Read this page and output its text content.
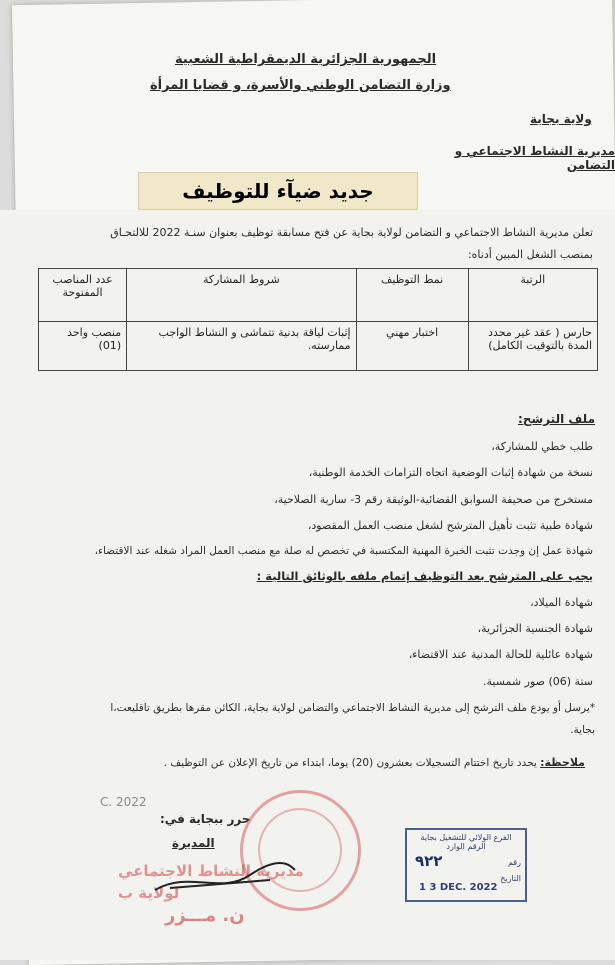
الجمهورية الجزائرية الديمقراطية الشعبية
وزارة التضامن الوطني والأسرة، و قضايا المرأة
ولاية بجاية
مديرية النشاط الاجتماعي و التضامن
جديد ضيآء للتوظيف
تعلن مديرية النشاط الاجتماعي و التضامن لولاية بجاية عن فتح مسابقة توظيف بعنوان سنـة 2022 للالتحـاق
بمنصب الشغل المبين أدناه:
الرتبة	نمط التوظيف	شروط المشاركة	عدد المناصب المفتوحة
حارس ( عقد غير محدد المدة بالتوقيت الكامل)	اختبار مهني	إثبات لياقة بدنية تتماشى و النشاط الواجب ممارسته.	منصب واحد (01)
ملف الترشح:
طلب خطي للمشاركة،
نسخة من شهادة إثبات الوضعية اتجاه التزامات الخدمة الوطنية،
مستخرج من صحيفة السوابق القضائية-الوثيقة رقم 3- سارية الصلاحية،
شهادة طبية تثبت تأهيل المترشح لشغل منصب العمل المقصود،
شهادة عمل إن وجدت تثبت الخبرة المهنية المكتسبة في تخصص له صلة مع منصب العمل المراد شغله عند الاقتضاء،
يجب على المترشح بعد التوظيف إتمام ملفه بالوثائق التالية :
شهادة الميلاد،
شهادة الجنسية الجزائرية،
شهادة عائلية للحالة المدنية عند الاقتضاء،
ستة (06) صور شمسية.
*يرسل أو يودع ملف الترشح إلى مديرية النشاط الاجتماعي والتضامن لولاية بجاية، الكائن مقرها بطريق تاقليعت،ا
بجاية.
ملاحظة: يحدد تاريخ اختتام التسجيلات بعشرون (20) يوما، ابتداء من تاريخ الإعلان عن التوظيف .
C. 2022
حرر ببجاية في:
المديرة
مديرية النشاط الاجتماعي
لولاية ب
ن. مـــزر
الفرع الولائي للتشغيل بجاية
الرقم الوارد
رقم
٩٢٢
التاريخ
1 3 DEC. 2022
